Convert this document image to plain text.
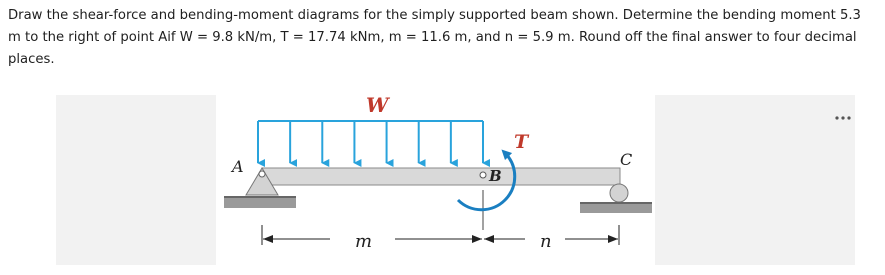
Draw the shear-force and bending-moment diagrams for the simply supported beam shown. Determine the bending moment 5.3 m to the right of point Aif W = 9.8 kN/m, T = 17.74 kNm, m = 11.6 m, and n = 5.9 m. Round off the final answer to four decimal places.

W
T
A	B
C
m	n
